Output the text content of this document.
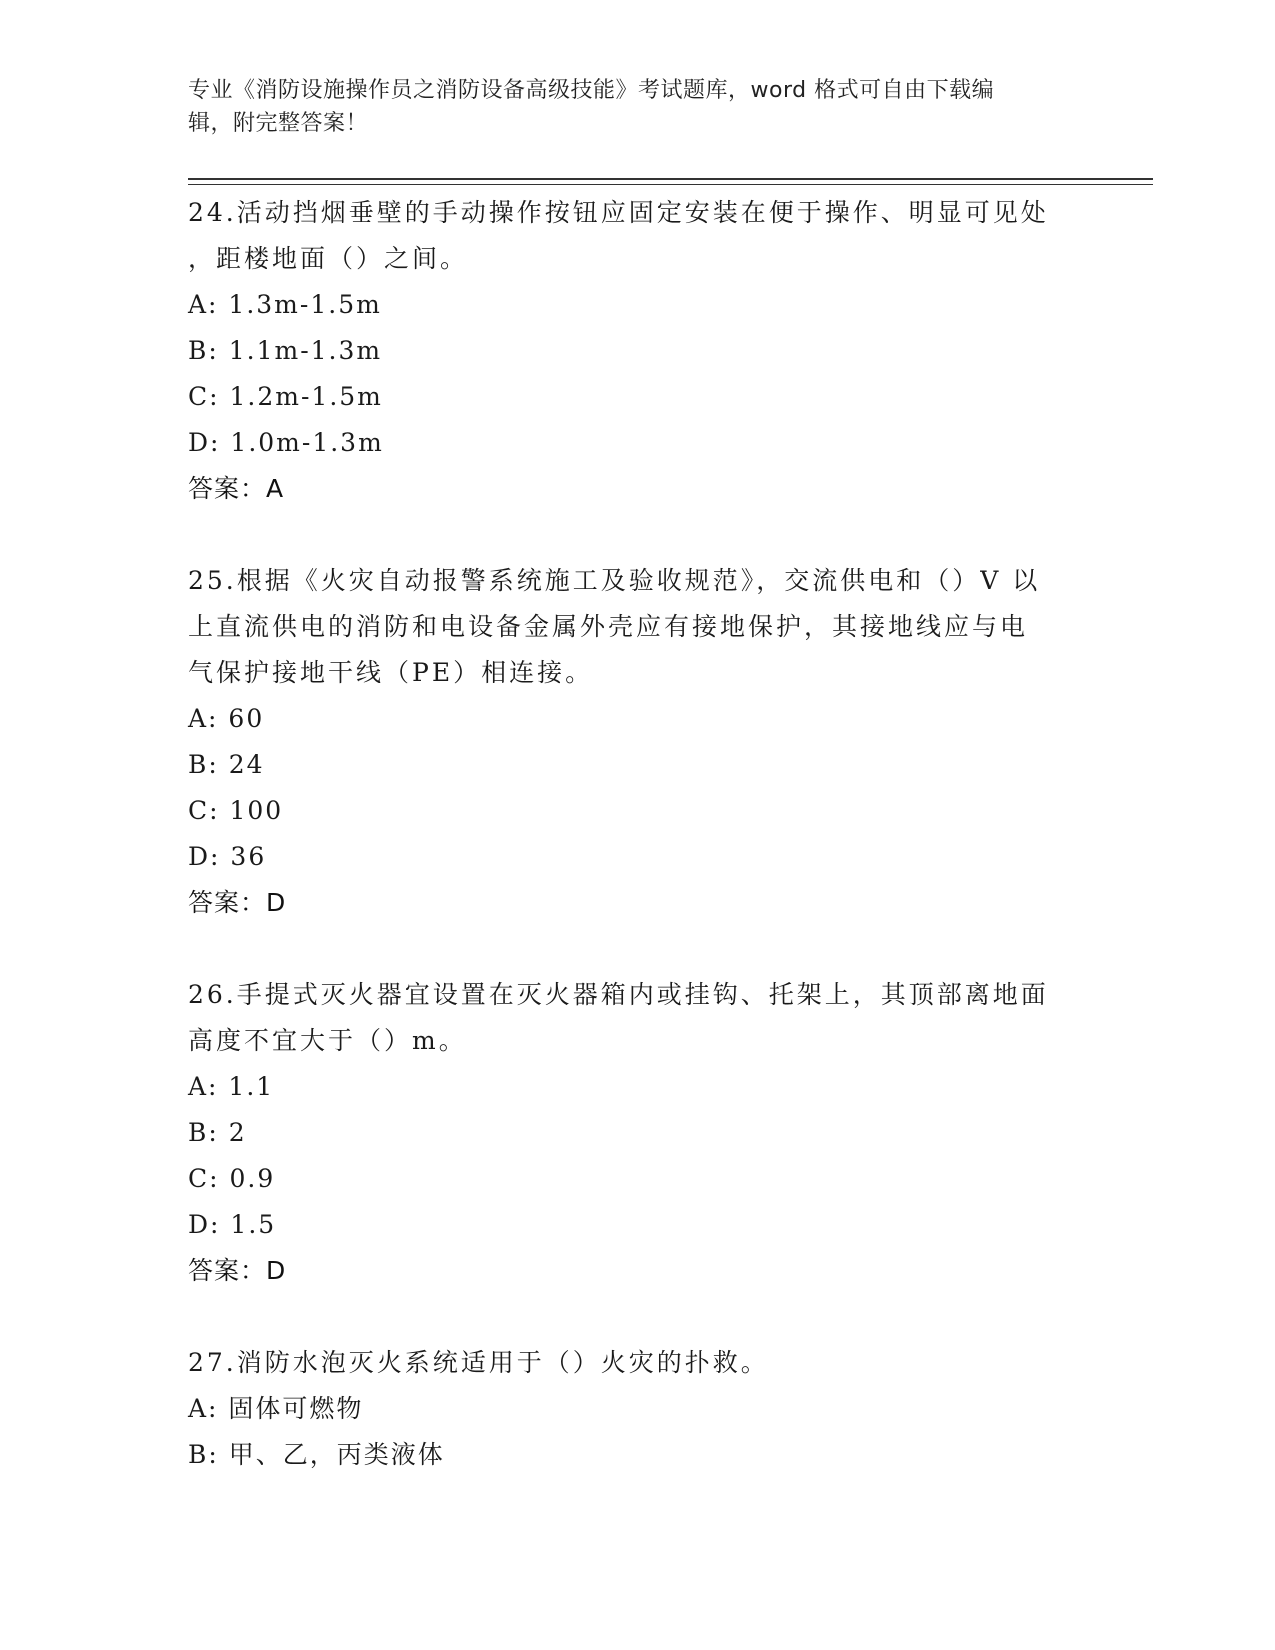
专业《消防设施操作员之消防设备高级技能》考试题库，word 格式可自由下载编
辑，附完整答案！
24.活动挡烟垂壁的手动操作按钮应固定安装在便于操作、明显可见处
，距楼地面（）之间。
A: 1.3m-1.5m
B: 1.1m-1.3m
C: 1.2m-1.5m
D: 1.0m-1.3m
答案：A
25.根据《火灾自动报警系统施工及验收规范》，交流供电和（）V 以
上直流供电的消防和电设备金属外壳应有接地保护，其接地线应与电
气保护接地干线（PE）相连接。
A: 60
B: 24
C: 100
D: 36
答案：D
26.手提式灭火器宜设置在灭火器箱内或挂钩、托架上，其顶部离地面
高度不宜大于（）m。
A: 1.1
B: 2
C: 0.9
D: 1.5
答案：D
27.消防水泡灭火系统适用于（）火灾的扑救。
A: 固体可燃物
B: 甲、乙，丙类液体
